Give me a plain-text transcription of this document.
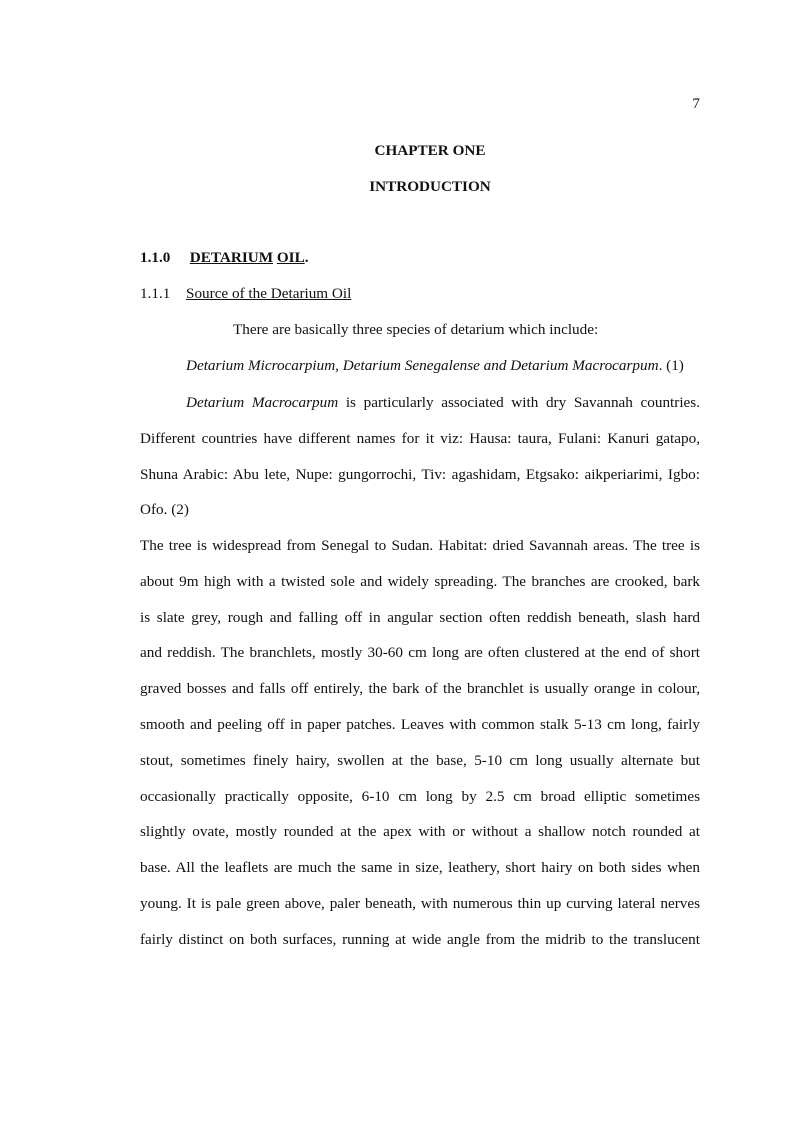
7
CHAPTER ONE
INTRODUCTION
1.1.0 DETARIUM OIL.
1.1.1 Source of the Detarium Oil
There are basically three species of detarium which include:
Detarium Microcarpium, Detarium Senegalense and Detarium Macrocarpum. (1)

Detarium Macrocarpum is particularly associated with dry Savannah countries.

Different countries have different names for it viz: Hausa: taura, Fulani: Kanuri gatapo,

Shuna Arabic: Abu lete, Nupe: gungorrochi, Tiv: agashidam, Etgsako: aikperiarimi, Igbo:

Ofo. (2)

The tree is widespread from Senegal to Sudan. Habitat: dried Savannah areas. The tree is

about 9m high with a twisted sole and widely spreading. The branches are crooked, bark

is slate grey, rough and falling off in angular section often reddish beneath, slash hard

and reddish. The branchlets, mostly 30-60 cm long are often clustered at the end of short

graved bosses and falls off entirely, the bark of the branchlet is usually orange in colour,

smooth and peeling off in paper patches. Leaves with common stalk 5-13 cm long, fairly

stout, sometimes finely hairy, swollen at the base, 5-10 cm long usually alternate but

occasionally practically opposite, 6-10 cm long by 2.5 cm broad elliptic sometimes

slightly ovate, mostly rounded at the apex with or without a shallow notch rounded at

base. All the leaflets are much the same in size, leathery, short hairy on both sides when

young. It is pale green above, paler beneath, with numerous thin up curving lateral nerves

fairly distinct on both surfaces, running at wide angle from the midrib to the translucent
